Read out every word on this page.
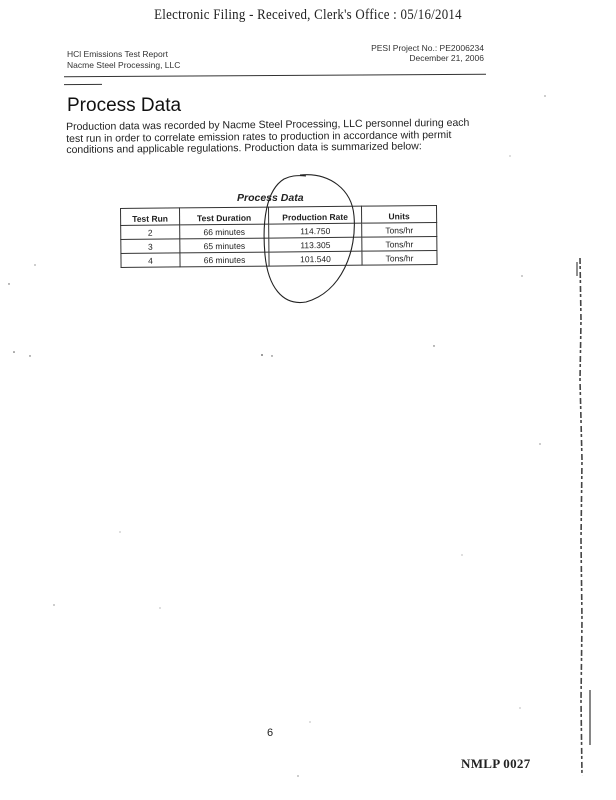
Electronic Filing - Received, Clerk's Office : 05/16/2014
HCl Emissions Test Report
Nacme Steel Processing, LLC
PESI Project No.: PE2006234
December 21, 2006
Process Data
Production data was recorded by Nacme Steel Processing, LLC personnel during each test run in order to correlate emission rates to production in accordance with permit conditions and applicable regulations. Production data is summarized below:
Process Data
Test Run	Test Duration	Production Rate	Units
2	66 minutes	114.750	Tons/hr
3	65 minutes	113.305	Tons/hr
4	66 minutes	101.540	Tons/hr
6
NMLP 0027
